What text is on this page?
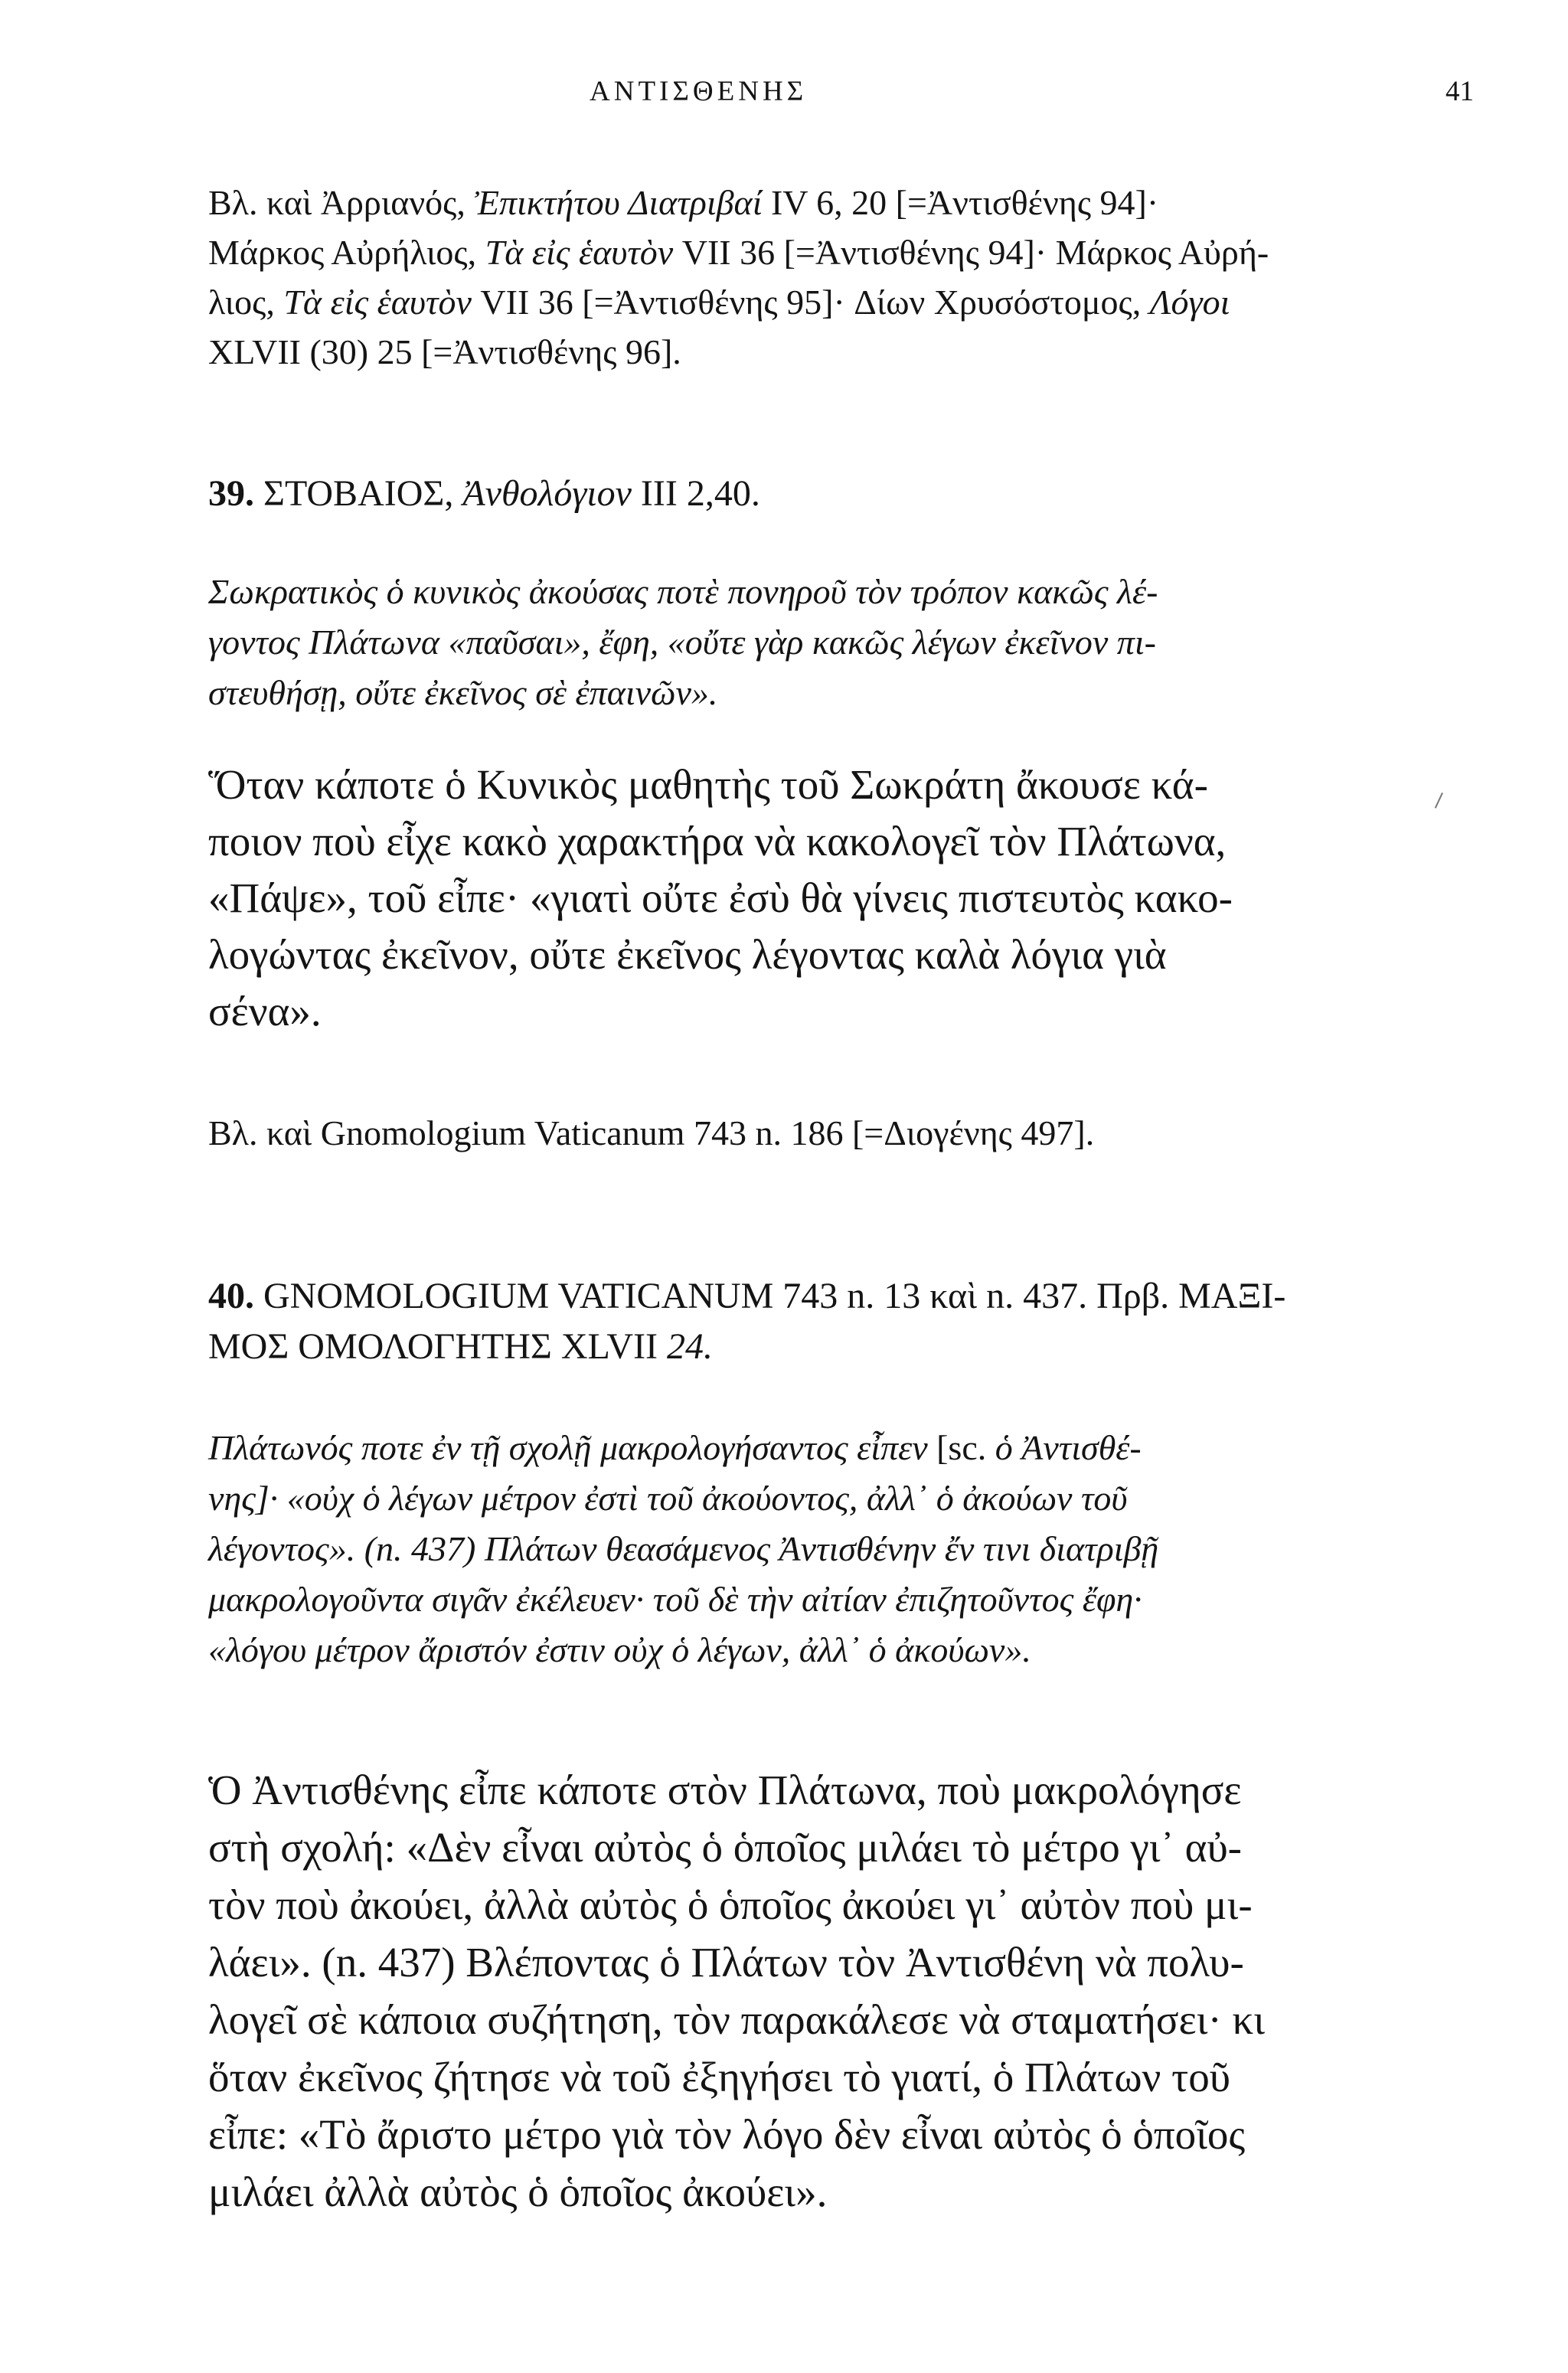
ΑΝΤΙΣΘΕΝΗΣ	41

Βλ. καὶ Ἀρριανός, Ἐπικτήτου Διατριβαί IV 6, 20 [=Ἀντισθένης 94]·
Μάρκος Αὐρήλιος, Τὰ εἰς ἑαυτὸν VII 36 [=Ἀντισθένης 94]· Μάρκος Αὐρή-
λιος, Τὰ εἰς ἑαυτὸν VII 36 [=Ἀντισθένης 95]· Δίων Χρυσόστομος, Λόγοι
XLVII (30) 25 [=Ἀντισθένης 96].

39. ΣΤΟΒΑΙΟΣ, Ἀνθολόγιον III 2,40.

Σωκρατικὸς ὁ κυνικὸς ἀκούσας ποτὲ πονηροῦ τὸν τρόπον κακῶς λέ-
γοντος Πλάτωνα «παῦσαι», ἔφη, «οὔτε γὰρ κακῶς λέγων ἐκεῖνον πι-
στευθήσῃ, οὔτε ἐκεῖνος σὲ ἐπαινῶν».

Ὅταν κάποτε ὁ Κυνικὸς μαθητὴς τοῦ Σωκράτη ἄκουσε κά-
ποιον ποὺ εἶχε κακὸ χαρακτήρα νὰ κακολογεῖ τὸν Πλάτωνα,
«Πάψε», τοῦ εἶπε· «γιατὶ οὔτε ἐσὺ θὰ γίνεις πιστευτὸς κακο-
λογώντας ἐκεῖνον, οὔτε ἐκεῖνος λέγοντας καλὰ λόγια γιὰ
σένα».

Βλ. καὶ Gnomologium Vaticanum 743 n. 186 [=Διογένης 497].

40. GNOMOLOGIUM VATICANUM 743 n. 13 καὶ n. 437. Πρβ. ΜΑΞΙ-
ΜΟΣ ΟΜΟΛΟΓΗΤΗΣ XLVII 24.

Πλάτωνός ποτε ἐν τῇ σχολῇ μακρολογήσαντος εἶπεν [sc. ὁ Ἀντισθέ-
νης]· «οὐχ ὁ λέγων μέτρον ἐστὶ τοῦ ἀκούοντος, ἀλλ᾿ ὁ ἀκούων τοῦ
λέγοντος». (n. 437) Πλάτων θεασάμενος Ἀντισθένην ἔν τινι διατριβῇ
μακρολογοῦντα σιγᾶν ἐκέλευεν· τοῦ δὲ τὴν αἰτίαν ἐπιζητοῦντος ἔφη·
«λόγου μέτρον ἄριστόν ἐστιν οὐχ ὁ λέγων, ἀλλ᾿ ὁ ἀκούων».

Ὁ Ἀντισθένης εἶπε κάποτε στὸν Πλάτωνα, ποὺ μακρολόγησε
στὴ σχολή: «Δὲν εἶναι αὐτὸς ὁ ὁποῖος μιλάει τὸ μέτρο γι᾿ αὐ-
τὸν ποὺ ἀκούει, ἀλλὰ αὐτὸς ὁ ὁποῖος ἀκούει γι᾿ αὐτὸν ποὺ μι-
λάει». (n. 437) Βλέποντας ὁ Πλάτων τὸν Ἀντισθένη νὰ πολυ-
λογεῖ σὲ κάποια συζήτηση, τὸν παρακάλεσε νὰ σταματήσει· κι
ὅταν ἐκεῖνος ζήτησε νὰ τοῦ ἐξηγήσει τὸ γιατί, ὁ Πλάτων τοῦ
εἶπε: «Τὸ ἄριστο μέτρο γιὰ τὸν λόγο δὲν εἶναι αὐτὸς ὁ ὁποῖος
μιλάει ἀλλὰ αὐτὸς ὁ ὁποῖος ἀκούει».
